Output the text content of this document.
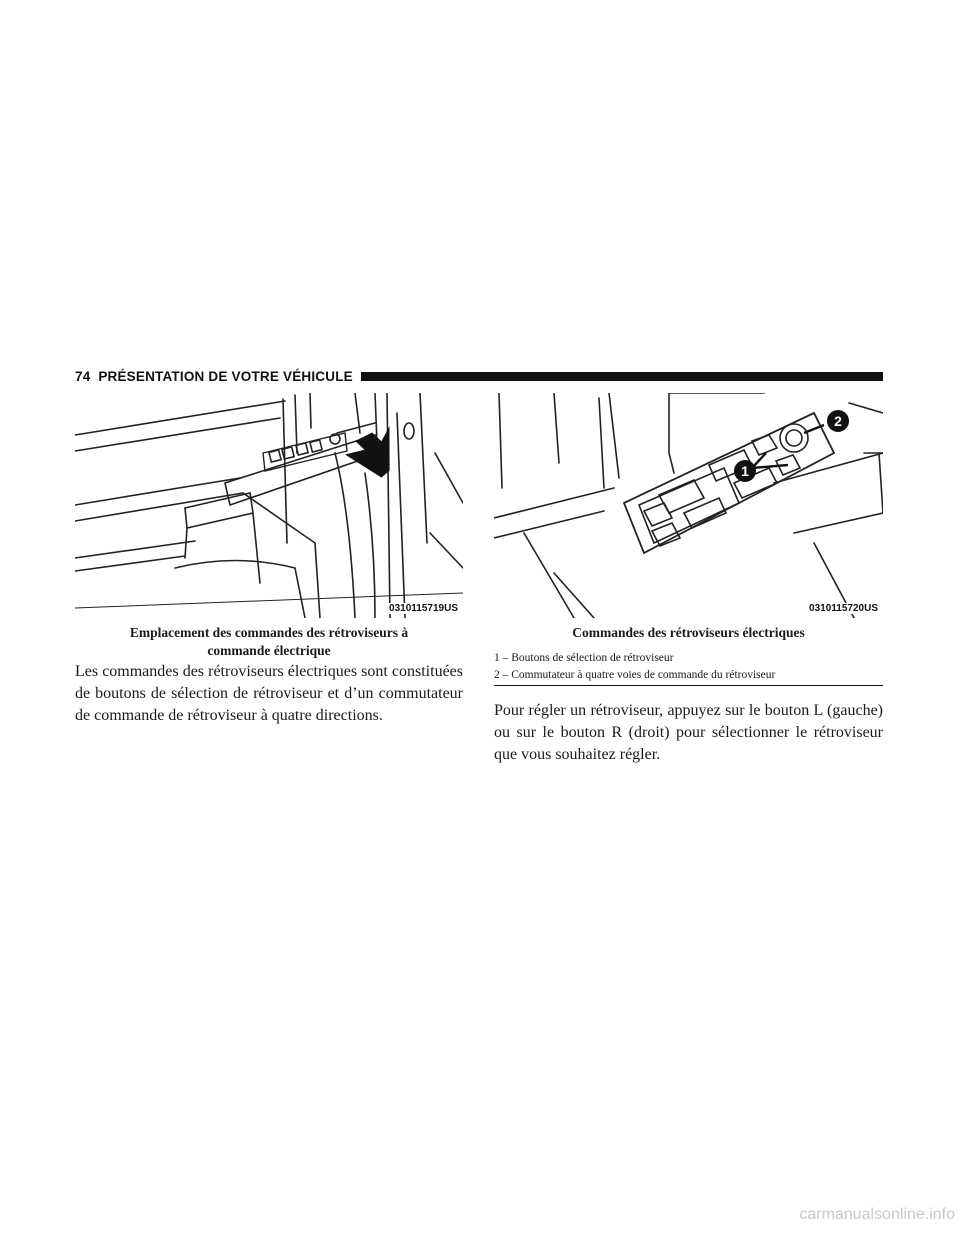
74 PRÉSENTATION DE VOTRE VÉHICULE
0310115719US
2
1
0310115720US
Emplacement des commandes des rétroviseurs à
commande électrique
Commandes des rétroviseurs électriques
1 – Boutons de sélection de rétroviseur
2 – Commutateur à quatre voies de commande du rétroviseur

Les commandes des rétroviseurs électriques sont constituées de boutons de sélection de rétroviseur et d’un commutateur de commande de rétroviseur à quatre directions.	Pour régler un rétroviseur, appuyez sur le bouton L (gauche) ou sur le bouton R (droit) pour sélectionner le rétroviseur que vous souhaitez régler.

carmanualsonline.info
